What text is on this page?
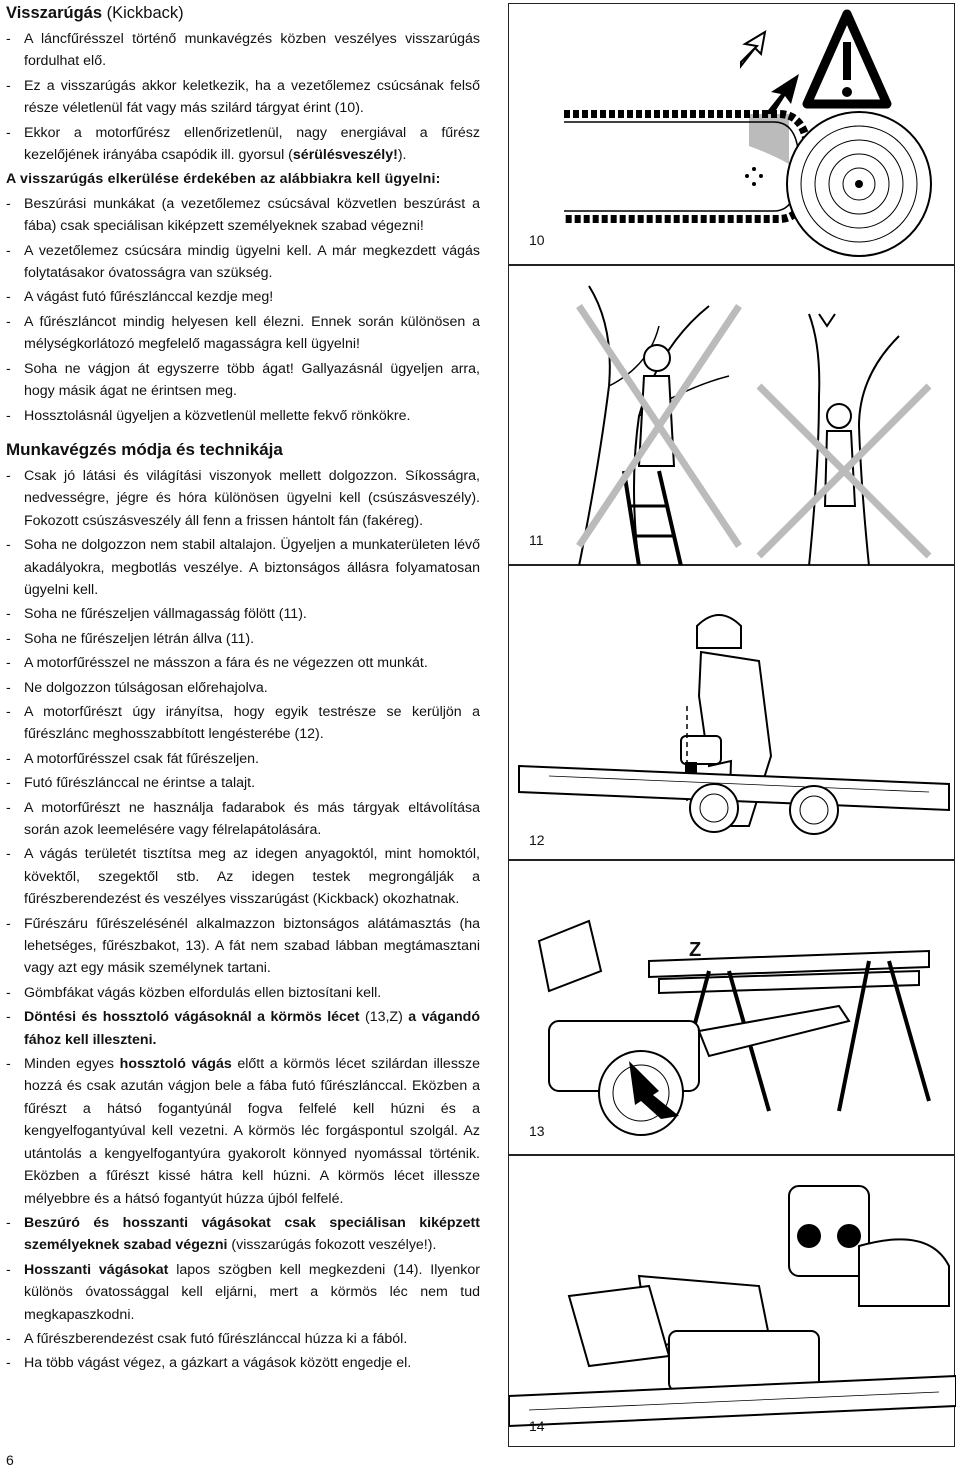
Visszarúgás (Kickback)

- A láncfűrésszel történő munkavégzés közben veszélyes visszarúgás fordulhat elő.

- Ez a visszarúgás akkor keletkezik, ha a vezetőlemez csúcsának felső része véletlenül fát vagy más szilárd tárgyat érint (10).

- Ekkor a motorfűrész ellenőrizetlenül, nagy energiával a fűrész kezelőjének irányába csapódik ill. gyorsul (sérülésveszély!).

A visszarúgás elkerülése érdekében az alábbiakra kell ügyelni:

- Beszúrási munkákat (a vezetőlemez csúcsával közvetlen beszúrást a fába) csak speciálisan kiképzett személyeknek szabad végezni!

- A vezetőlemez csúcsára mindig ügyelni kell. A már megkezdett vágás folytatásakor óvatosságra van szükség.

- A vágást futó fűrészlánccal kezdje meg!

- A fűrészláncot mindig helyesen kell élezni. Ennek során különösen a mélységkorlátozó megfelelő magasságra kell ügyelni!

- Soha ne vágjon át egyszerre több ágat! Gallyazásnál ügyeljen arra, hogy másik ágat ne érintsen meg.

- Hossztolásnál ügyeljen a közvetlenül mellette fekvő rönkökre.

Munkavégzés módja és technikája

- Csak jó látási és világítási viszonyok mellett dolgozzon. Síkosságra, nedvességre, jégre és hóra különösen ügyelni kell (csúszásveszély). Fokozott csúszásveszély áll fenn a frissen hántolt fán (fakéreg).

- Soha ne dolgozzon nem stabil altalajon. Ügyeljen a munkaterületen lévő akadályokra, megbotlás veszélye. A biztonságos állásra folyamatosan ügyelni kell.

- Soha ne fűrészeljen vállmagasság fölött (11).

- Soha ne fűrészeljen létrán állva (11).

- A motorfűrésszel ne másszon a fára és ne végezzen ott munkát.

- Ne dolgozzon túlságosan előrehajolva.

- A motorfűrészt úgy irányítsa, hogy egyik testrésze se kerüljön a fűrészlánc meghosszabbított lengésterébe (12).

- A motorfűrésszel csak fát fűrészeljen.

- Futó fűrészlánccal ne érintse a talajt.

- A motorfűrészt ne használja fadarabok és más tárgyak eltávolítása során azok leemelésére vagy félrelapátolására.

- A vágás területét tisztítsa meg az idegen anyagoktól, mint homoktól, kövektől, szegektől stb. Az idegen testek megrongálják a fűrészberendezést és veszélyes visszarúgást (Kickback) okozhatnak.

- Fűrészáru fűrészelésénél alkalmazzon biztonságos alátámasztás (ha lehetséges, fűrészbakot, 13). A fát nem szabad lábban megtámasztani vagy azt egy másik személynek tartani.

- Gömbfákat vágás közben elfordulás ellen biztosítani kell.

- Döntési és hossztoló vágásoknál a körmös lécet (13,Z) a vágandó fához kell illeszteni.

- Minden egyes hossztoló vágás előtt a körmös lécet szilárdan illessze hozzá és csak azután vágjon bele a fába futó fűrészlánccal. Eközben a fűrészt a hátsó fogantyúnál fogva felfelé kell húzni és a kengyelfogantyúval kell vezetni. A körmös léc forgáspontul szolgál. Az utántolás a kengyelfogantyúra gyakorolt könnyed nyomással történik. Eközben a fűrészt kissé hátra kell húzni. A körmös lécet illessze mélyebbre és a hátsó fogantyút húzza újból felfelé.

- Beszúró és hosszanti vágásokat csak speciálisan kiképzett személyeknek szabad végezni (visszarúgás fokozott veszélye!).

- Hosszanti vágásokat lapos szögben kell megkezdeni (14). Ilyenkor különös óvatossággal kell eljárni, mert a körmös léc nem tud megkapaszkodni.

- A fűrészberendezést csak futó fűrészlánccal húzza ki a fából.

- Ha több vágást végez, a gázkart a vágások között engedje el.

6
10
11
12
Z
13
14
